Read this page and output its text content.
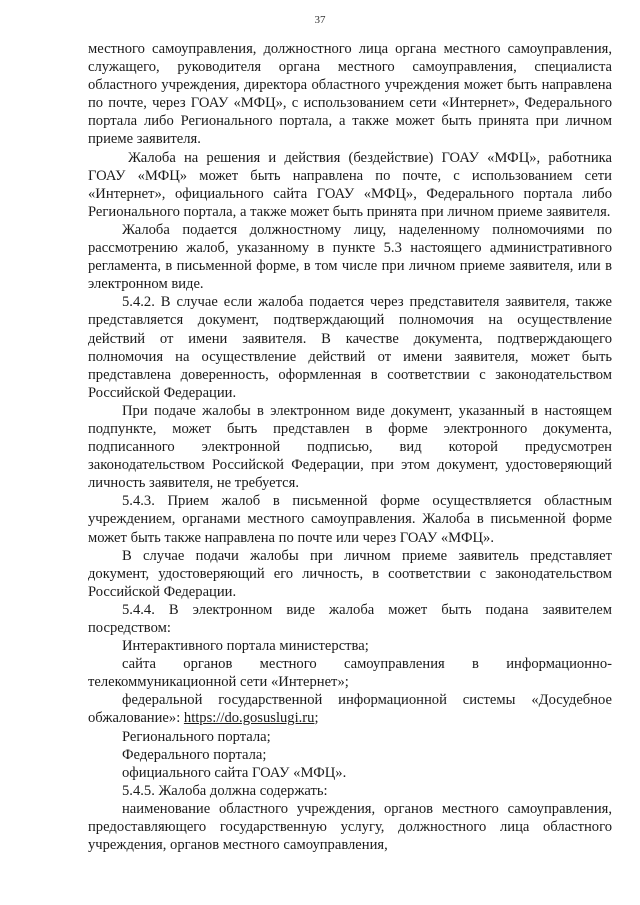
37

местного самоуправления, должностного лица органа местного самоуправления, служащего, руководителя органа местного самоуправления, специалиста областного учреждения, директора областного учреждения может быть направлена по почте, через ГОАУ «МФЦ», с использованием сети «Интернет», Федерального портала либо Регионального портала, а также может быть принята при личном приеме заявителя.

Жалоба на решения и действия (бездействие) ГОАУ «МФЦ», работника ГОАУ «МФЦ» может быть направлена по почте, с использованием сети «Интернет», официального сайта ГОАУ «МФЦ», Федерального портала либо Регионального портала, а также может быть принята при личном приеме заявителя.

Жалоба подается должностному лицу, наделенному полномочиями по рассмотрению жалоб, указанному в пункте 5.3 настоящего административного регламента, в письменной форме, в том числе при личном приеме заявителя, или в электронном виде.

5.4.2. В случае если жалоба подается через представителя заявителя, также представляется документ, подтверждающий полномочия на осуществление действий от имени заявителя. В качестве документа, подтверждающего полномочия на осуществление действий от имени заявителя, может быть представлена доверенность, оформленная в соответствии с законодательством Российской Федерации.

При подаче жалобы в электронном виде документ, указанный в настоящем подпункте, может быть представлен в форме электронного документа, подписанного электронной подписью, вид которой предусмотрен законодательством Российской Федерации, при этом документ, удостоверяющий личность заявителя, не требуется.

5.4.3. Прием жалоб в письменной форме осуществляется областным учреждением, органами местного самоуправления. Жалоба в письменной форме может быть также направлена по почте или через ГОАУ «МФЦ».

В случае подачи жалобы при личном приеме заявитель представляет документ, удостоверяющий его личность, в соответствии с законодательством Российской Федерации.

5.4.4. В электронном виде жалоба может быть подана заявителем посредством:

Интерактивного портала министерства;

сайта органов местного самоуправления в информационно-телекоммуникационной сети «Интернет»;

федеральной государственной информационной системы «Досудебное обжалование»: https://do.gosuslugi.ru;

Регионального портала;

Федерального портала;

официального сайта ГОАУ «МФЦ».

5.4.5. Жалоба должна содержать:

наименование областного учреждения, органов местного самоуправления, предоставляющего государственную услугу, должностного лица областного учреждения, органов местного самоуправления,
